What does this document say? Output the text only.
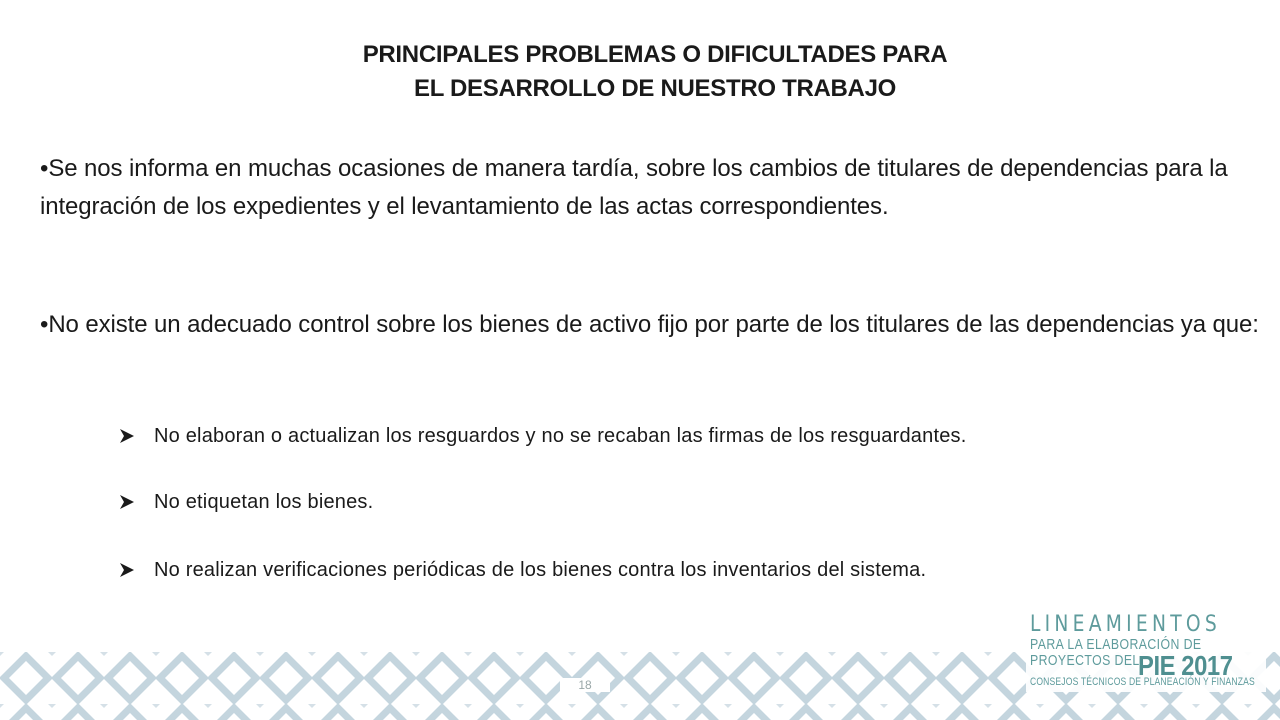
PRINCIPALES PROBLEMAS O DIFICULTADES PARA
EL DESARROLLO DE NUESTRO TRABAJO
•Se nos informa en muchas ocasiones de manera tardía, sobre los cambios de titulares de dependencias para la integración de los expedientes y el levantamiento de las actas correspondientes.
•No existe un adecuado control sobre los bienes de activo fijo por parte de los titulares de las dependencias ya que:
No elaboran o actualizan los resguardos y no se recaban las firmas de los resguardantes.
No etiquetan los bienes.
No realizan verificaciones periódicas de los bienes contra los inventarios del sistema.
18
LINEAMIENTOS
PARA LA ELABORACIÓN DE
PROYECTOS DEL
PIE 2017
CONSEJOS TÉCNICOS DE PLANEACIÓN Y FINANZAS
